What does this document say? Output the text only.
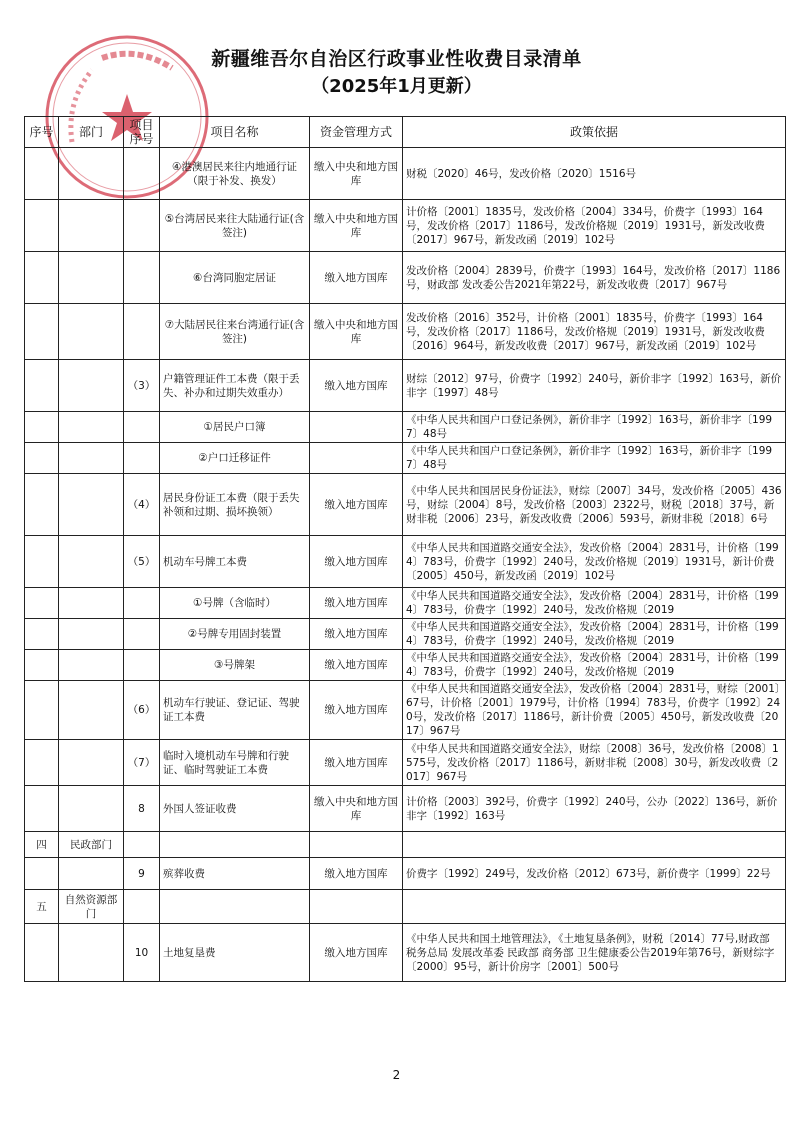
新疆维吾尔自治区行政事业性收费目录清单
（2025年1月更新）
序号	部门	项目序号	项目名称	资金管理方式	政策依据
			④港澳居民来往内地通行证（限于补发、换发）	缴入中央和地方国库	财税〔2020〕46号，发改价格〔2020〕1516号
			⑤台湾居民来往大陆通行证(含签注)	缴入中央和地方国库	计价格〔2001〕1835号，发改价格〔2004〕334号，价费字〔1993〕164号，发改价格〔2017〕1186号，发改价格规〔2019〕1931号，新发改收费〔2017〕967号，新发改函〔2019〕102号
			⑥台湾同胞定居证	缴入地方国库	发改价格〔2004〕2839号，价费字〔1993〕164号，发改价格〔2017〕1186号，财政部 发改委公告2021年第22号，新发改收费〔2017〕967号
			⑦大陆居民往来台湾通行证(含签注)	缴入中央和地方国库	发改价格〔2016〕352号，计价格〔2001〕1835号，价费字〔1993〕164号，发改价格〔2017〕1186号，发改价格规〔2019〕1931号，新发改收费〔2016〕964号，新发改收费〔2017〕967号，新发改函〔2019〕102号
		（3）	户籍管理证件工本费（限于丢失、补办和过期失效重办）	缴入地方国库	财综〔2012〕97号，价费字〔1992〕240号，新价非字〔1992〕163号，新价非字〔1997〕48号
			①居民户口簿		《中华人民共和国户口登记条例》，新价非字〔1992〕163号，新价非字〔1997〕48号
			②户口迁移证件		《中华人民共和国户口登记条例》，新价非字〔1992〕163号，新价非字〔1997〕48号
		（4）	居民身份证工本费（限于丢失补领和过期、损坏换领）	缴入地方国库	《中华人民共和国居民身份证法》，财综〔2007〕34号，发改价格〔2005〕436号，财综〔2004〕8号，发改价格〔2003〕2322号，财税〔2018〕37号，新财非税〔2006〕23号，新发改收费〔2006〕593号，新财非税〔2018〕6号
		（5）	机动车号牌工本费	缴入地方国库	《中华人民共和国道路交通安全法》，发改价格〔2004〕2831号，计价格〔1994〕783号，价费字〔1992〕240号，发改价格规〔2019〕1931号，新计价费〔2005〕450号，新发改函〔2019〕102号
			①号牌（含临时）	缴入地方国库	《中华人民共和国道路交通安全法》，发改价格〔2004〕2831号，计价格〔1994〕783号，价费字〔1992〕240号，发改价格规〔2019
			②号牌专用固封装置	缴入地方国库	《中华人民共和国道路交通安全法》，发改价格〔2004〕2831号，计价格〔1994〕783号，价费字〔1992〕240号，发改价格规〔2019
			③号牌架	缴入地方国库	《中华人民共和国道路交通安全法》，发改价格〔2004〕2831号，计价格〔1994〕783号，价费字〔1992〕240号，发改价格规〔2019
		（6）	机动车行驶证、登记证、驾驶证工本费	缴入地方国库	《中华人民共和国道路交通安全法》，发改价格〔2004〕2831号，财综〔2001〕67号，计价格〔2001〕1979号，计价格〔1994〕783号，价费字〔1992〕240号，发改价格〔2017〕1186号，新计价费〔2005〕450号，新发改收费〔2017〕967号
		（7）	临时入境机动车号牌和行驶证、临时驾驶证工本费	缴入地方国库	《中华人民共和国道路交通安全法》，财综〔2008〕36号，发改价格〔2008〕1575号，发改价格〔2017〕1186号，新财非税〔2008〕30号，新发改收费〔2017〕967号
		8	外国人签证收费	缴入中央和地方国库	计价格〔2003〕392号，价费字〔1992〕240号，公办〔2022〕136号，新价非字〔1992〕163号
四	民政部门				
		9	殡葬收费	缴入地方国库	价费字〔1992〕249号，发改价格〔2012〕673号，新价费字〔1999〕22号
五	自然资源部门				
		10	土地复垦费	缴入地方国库	《中华人民共和国土地管理法》，《土地复垦条例》，财税〔2014〕77号,财政部 税务总局 发展改革委 民政部 商务部 卫生健康委公告2019年第76号，新财综字〔2000〕95号，新计价房字〔2001〕500号
2
